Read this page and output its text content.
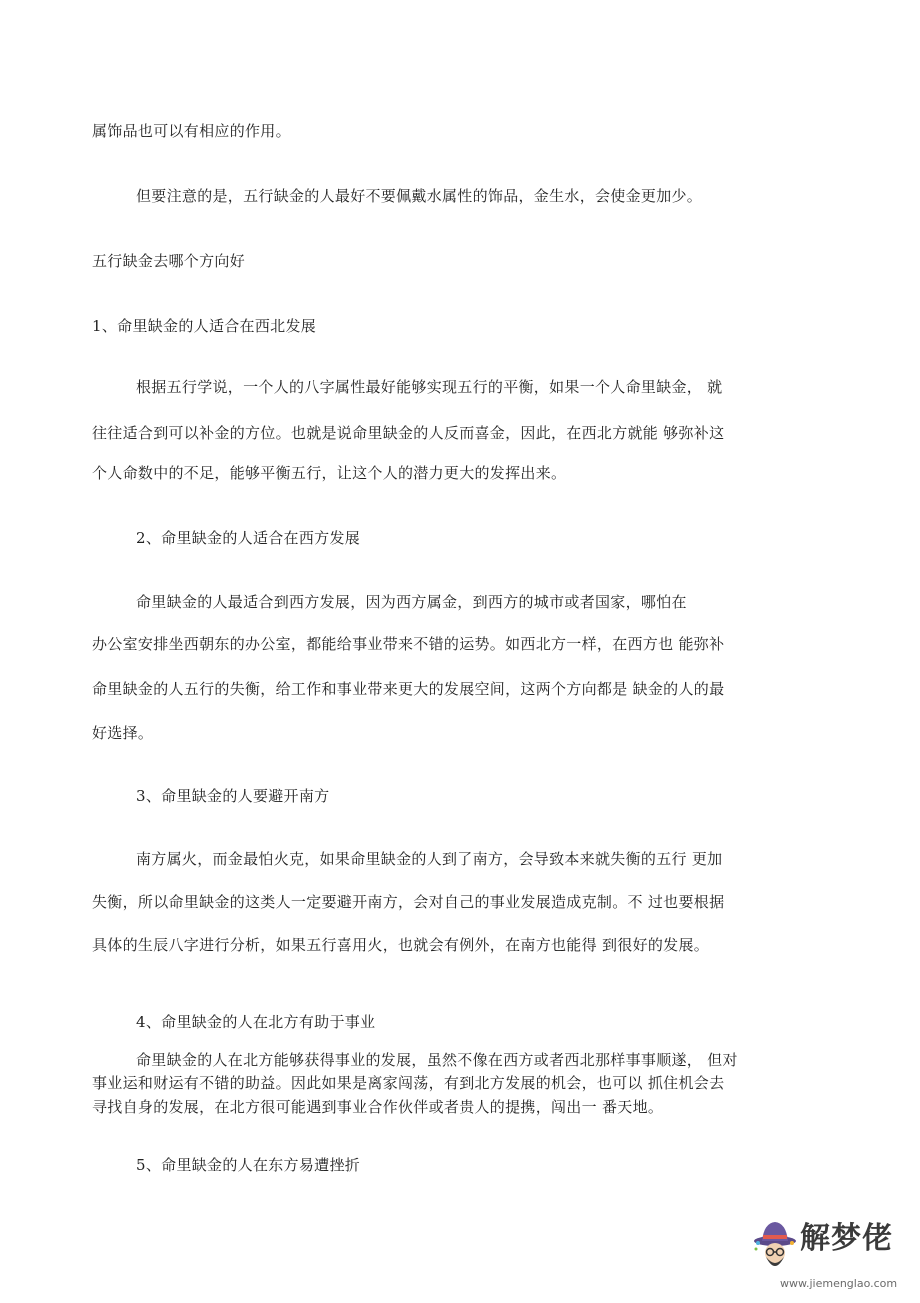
属饰品也可以有相应的作用。
但要注意的是，五行缺金的人最好不要佩戴水属性的饰品，金生水，会使金更加少。
五行缺金去哪个方向好
1、命里缺金的人适合在西北发展
根据五行学说，一个人的八字属性最好能够实现五行的平衡，如果一个人命里缺金， 就
往往适合到可以补金的方位。也就是说命里缺金的人反而喜金，因此，在西北方就能 够弥补这
个人命数中的不足，能够平衡五行，让这个人的潜力更大的发挥出来。
2、命里缺金的人适合在西方发展
命里缺金的人最适合到西方发展，因为西方属金，到西方的城市或者国家，哪怕在
办公室安排坐西朝东的办公室，都能给事业带来不错的运势。如西北方一样，在西方也 能弥补
命里缺金的人五行的失衡，给工作和事业带来更大的发展空间，这两个方向都是 缺金的人的最
好选择。
3、命里缺金的人要避开南方
南方属火，而金最怕火克，如果命里缺金的人到了南方，会导致本来就失衡的五行 更加
失衡，所以命里缺金的这类人一定要避开南方，会对自己的事业发展造成克制。不 过也要根据
具体的生辰八字进行分析，如果五行喜用火，也就会有例外，在南方也能得 到很好的发展。
4、命里缺金的人在北方有助于事业
命里缺金的人在北方能够获得事业的发展，虽然不像在西方或者西北那样事事顺遂， 但对
事业运和财运有不错的助益。因此如果是离家闯荡，有到北方发展的机会，也可以 抓住机会去
寻找自身的发展，在北方很可能遇到事业合作伙伴或者贵人的提携，闯出一 番天地。
5、命里缺金的人在东方易遭挫折
解梦佬
www.jiemenglao.com
